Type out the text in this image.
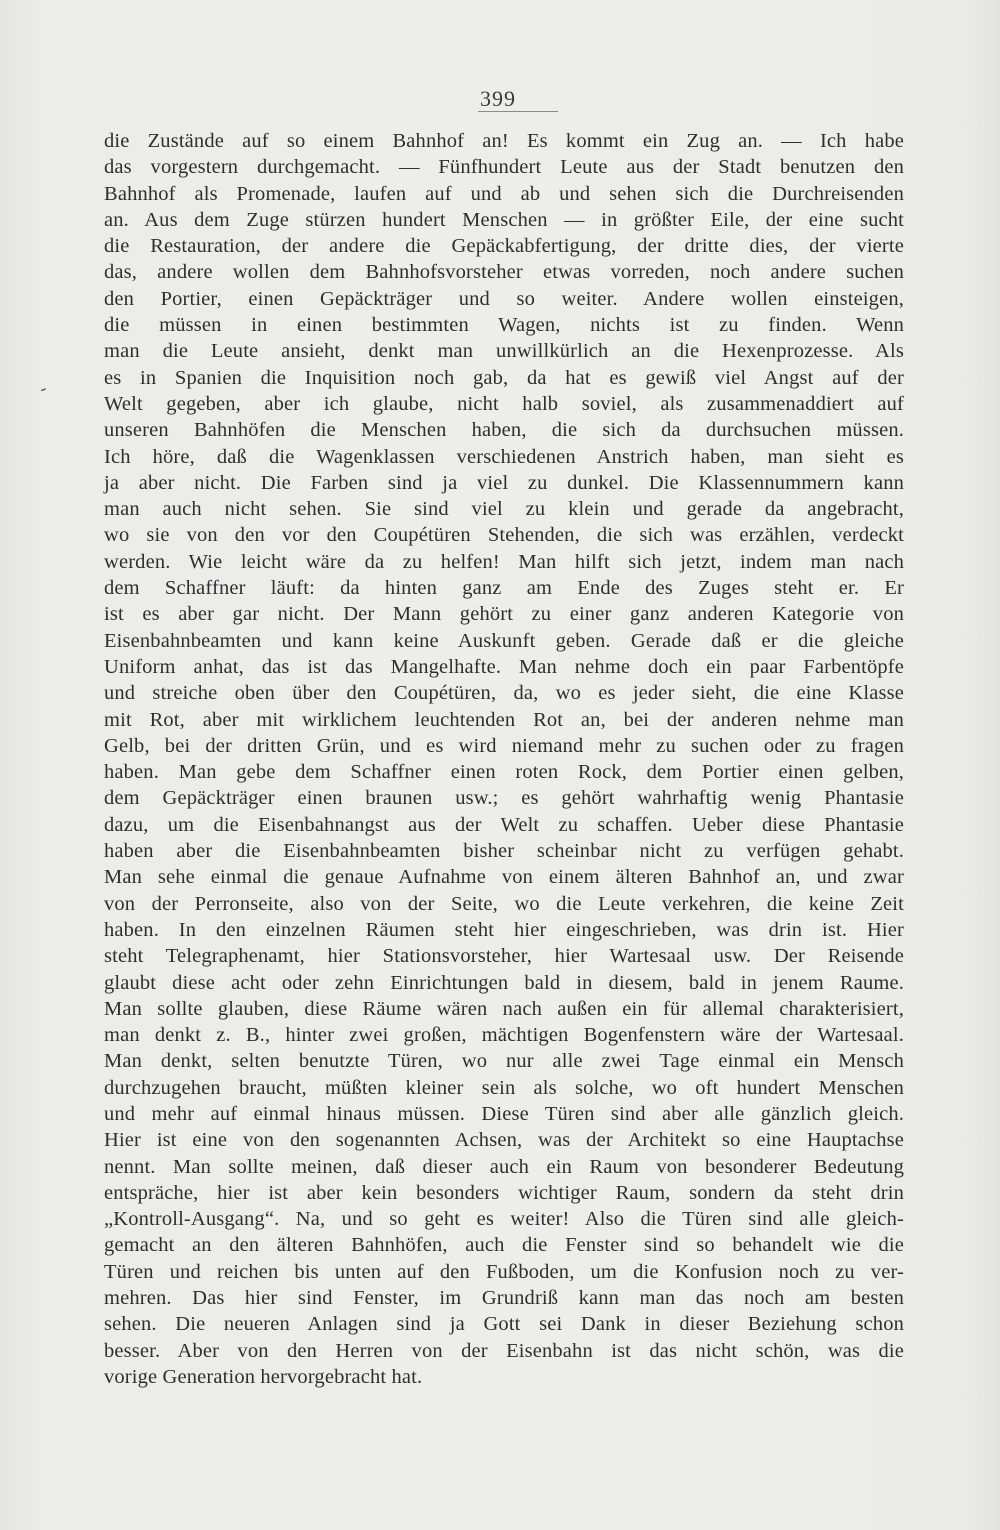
399
-
die Zustände auf so einem Bahnhof an! Es kommt ein Zug an. — Ich habe
das vorgestern durchgemacht. — Fünfhundert Leute aus der Stadt benutzen den
Bahnhof als Promenade, laufen auf und ab und sehen sich die Durchreisenden
an. Aus dem Zuge stürzen hundert Menschen — in größter Eile, der eine sucht
die Restauration, der andere die Gepäckabfertigung, der dritte dies, der vierte
das, andere wollen dem Bahnhofsvorsteher etwas vorreden, noch andere suchen
den Portier, einen Gepäckträger und so weiter. Andere wollen einsteigen,
die müssen in einen bestimmten Wagen, nichts ist zu finden. Wenn
man die Leute ansieht, denkt man unwillkürlich an die Hexenprozesse. Als
es in Spanien die Inquisition noch gab, da hat es gewiß viel Angst auf der
Welt gegeben, aber ich glaube, nicht halb soviel, als zusammenaddiert auf
unseren Bahnhöfen die Menschen haben, die sich da durchsuchen müssen.
Ich höre, daß die Wagenklassen verschiedenen Anstrich haben, man sieht es
ja aber nicht. Die Farben sind ja viel zu dunkel. Die Klassennummern kann
man auch nicht sehen. Sie sind viel zu klein und gerade da angebracht,
wo sie von den vor den Coupétüren Stehenden, die sich was erzählen, verdeckt
werden. Wie leicht wäre da zu helfen! Man hilft sich jetzt, indem man nach
dem Schaffner läuft: da hinten ganz am Ende des Zuges steht er. Er
ist es aber gar nicht. Der Mann gehört zu einer ganz anderen Kategorie von
Eisenbahnbeamten und kann keine Auskunft geben. Gerade daß er die gleiche
Uniform anhat, das ist das Mangelhafte. Man nehme doch ein paar Farbentöpfe
und streiche oben über den Coupétüren, da, wo es jeder sieht, die eine Klasse
mit Rot, aber mit wirklichem leuchtenden Rot an, bei der anderen nehme man
Gelb, bei der dritten Grün, und es wird niemand mehr zu suchen oder zu fragen
haben. Man gebe dem Schaffner einen roten Rock, dem Portier einen gelben,
dem Gepäckträger einen braunen usw.; es gehört wahrhaftig wenig Phantasie
dazu, um die Eisenbahnangst aus der Welt zu schaffen. Ueber diese Phantasie
haben aber die Eisenbahnbeamten bisher scheinbar nicht zu verfügen gehabt.
Man sehe einmal die genaue Aufnahme von einem älteren Bahnhof an, und zwar
von der Perronseite, also von der Seite, wo die Leute verkehren, die keine Zeit
haben. In den einzelnen Räumen steht hier eingeschrieben, was drin ist. Hier
steht Telegraphenamt, hier Stationsvorsteher, hier Wartesaal usw. Der Reisende
glaubt diese acht oder zehn Einrichtungen bald in diesem, bald in jenem Raume.
Man sollte glauben, diese Räume wären nach außen ein für allemal charakterisiert,
man denkt z. B., hinter zwei großen, mächtigen Bogenfenstern wäre der Wartesaal.
Man denkt, selten benutzte Türen, wo nur alle zwei Tage einmal ein Mensch
durchzugehen braucht, müßten kleiner sein als solche, wo oft hundert Menschen
und mehr auf einmal hinaus müssen. Diese Türen sind aber alle gänzlich gleich.
Hier ist eine von den sogenannten Achsen, was der Architekt so eine Hauptachse
nennt. Man sollte meinen, daß dieser auch ein Raum von besonderer Bedeutung
entspräche, hier ist aber kein besonders wichtiger Raum, sondern da steht drin
„Kontroll-Ausgang“. Na, und so geht es weiter! Also die Türen sind alle gleich-
gemacht an den älteren Bahnhöfen, auch die Fenster sind so behandelt wie die
Türen und reichen bis unten auf den Fußboden, um die Konfusion noch zu ver-
mehren. Das hier sind Fenster, im Grundriß kann man das noch am besten
sehen. Die neueren Anlagen sind ja Gott sei Dank in dieser Beziehung schon
besser. Aber von den Herren von der Eisenbahn ist das nicht schön, was die
vorige Generation hervorgebracht hat.
